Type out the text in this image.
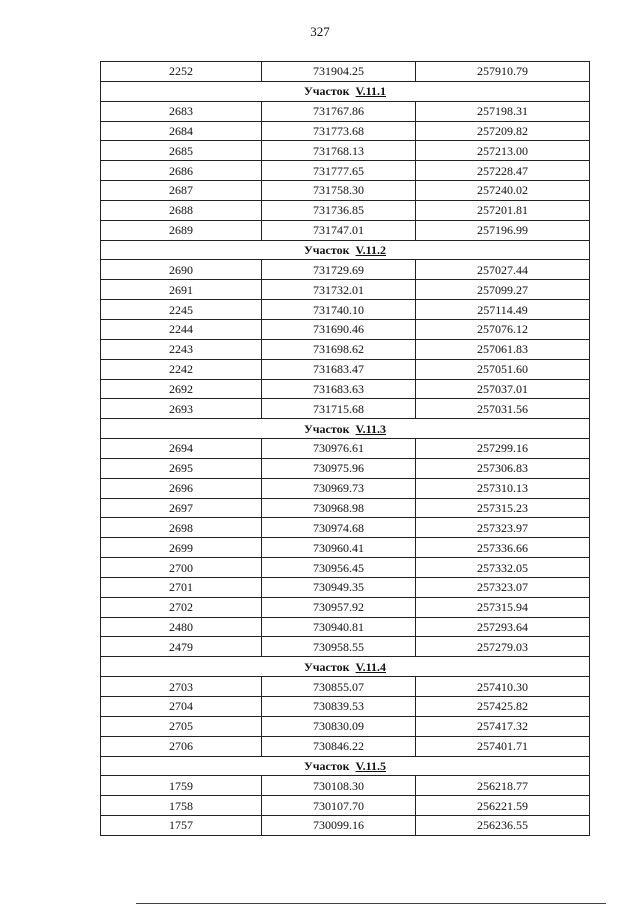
327
2252	731904.25	257910.79
Участок V.11.1		
2683	731767.86	257198.31
2684	731773.68	257209.82
2685	731768.13	257213.00
2686	731777.65	257228.47
2687	731758.30	257240.02
2688	731736.85	257201.81
2689	731747.01	257196.99
Участок V.11.2		
2690	731729.69	257027.44
2691	731732.01	257099.27
2245	731740.10	257114.49
2244	731690.46	257076.12
2243	731698.62	257061.83
2242	731683.47	257051.60
2692	731683.63	257037.01
2693	731715.68	257031.56
Участок V.11.3		
2694	730976.61	257299.16
2695	730975.96	257306.83
2696	730969.73	257310.13
2697	730968.98	257315.23
2698	730974.68	257323.97
2699	730960.41	257336.66
2700	730956.45	257332.05
2701	730949.35	257323.07
2702	730957.92	257315.94
2480	730940.81	257293.64
2479	730958.55	257279.03
Участок V.11.4		
2703	730855.07	257410.30
2704	730839.53	257425.82
2705	730830.09	257417.32
2706	730846.22	257401.71
Участок V.11.5		
1759	730108.30	256218.77
1758	730107.70	256221.59
1757	730099.16	256236.55
